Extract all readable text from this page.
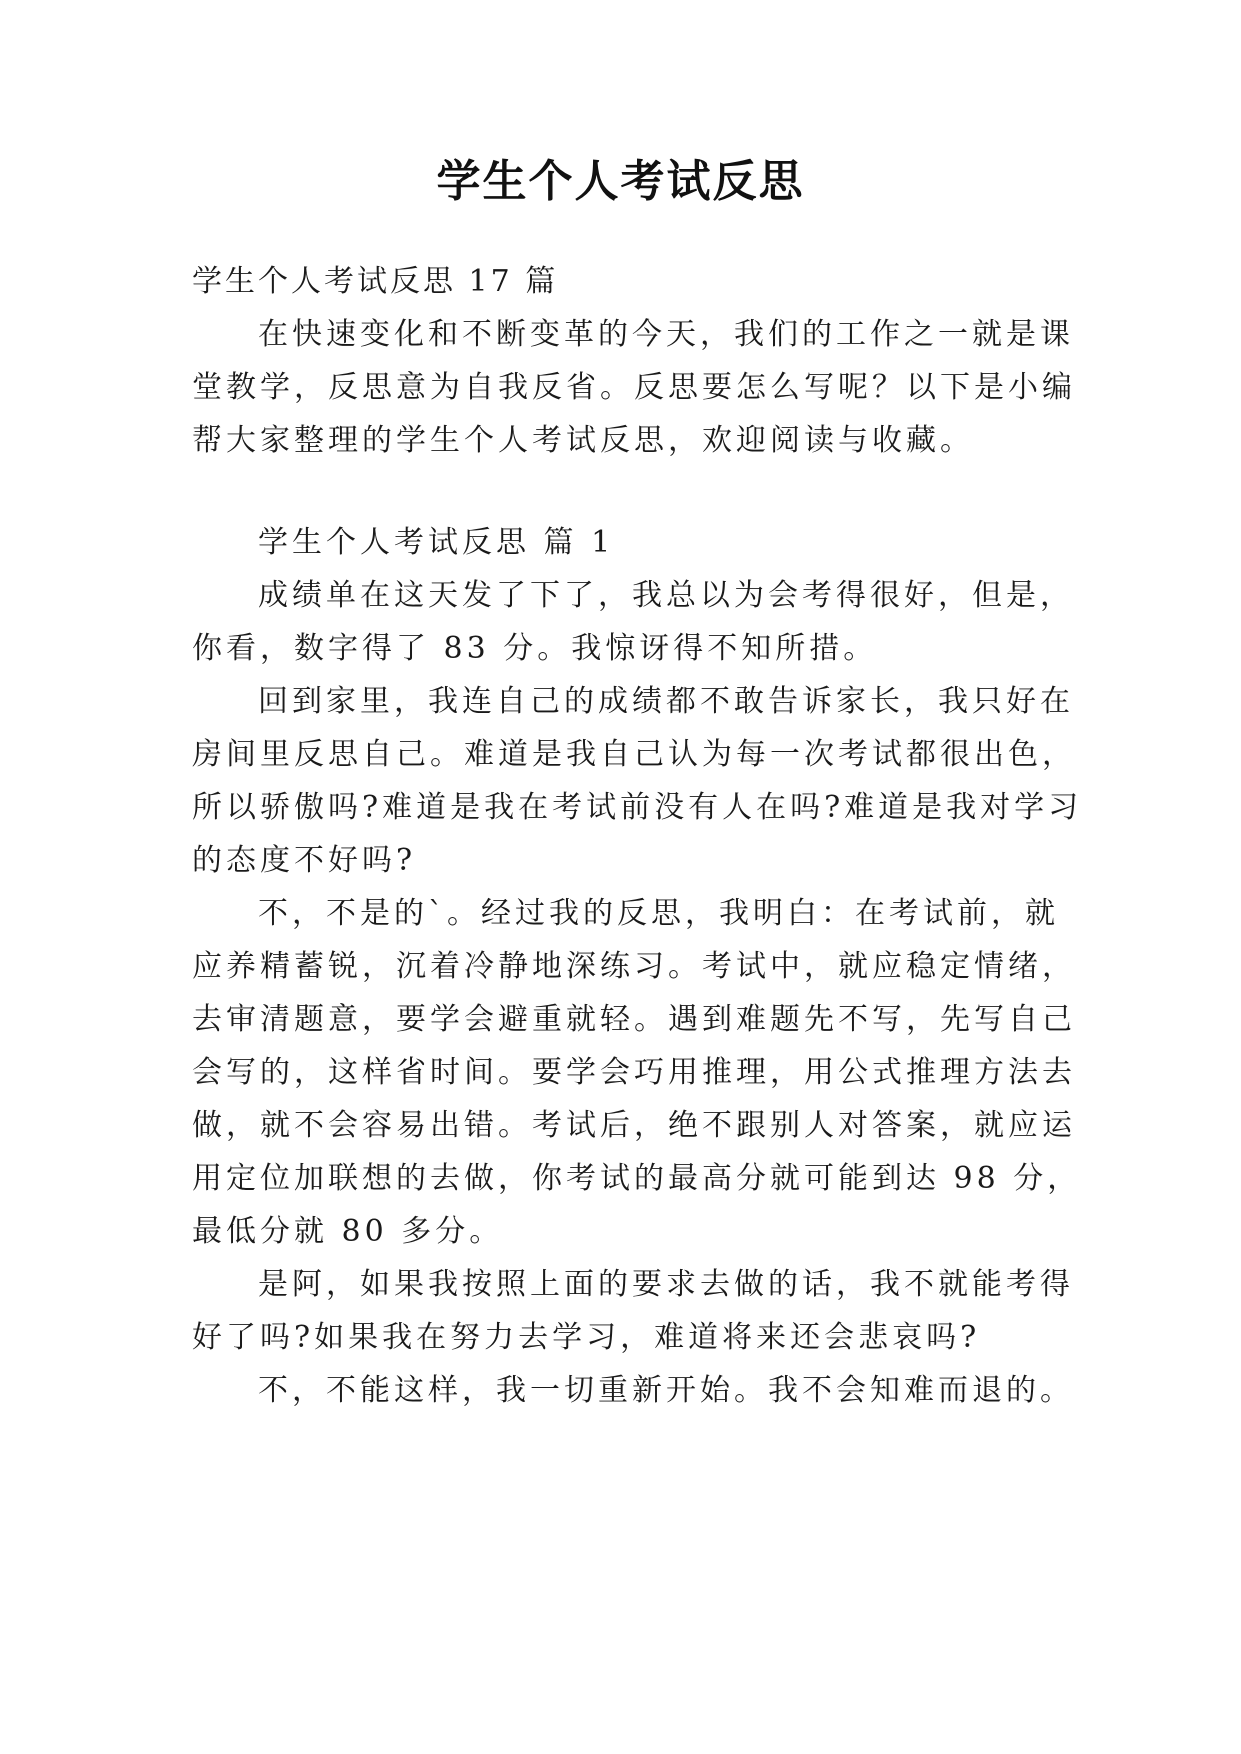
学生个人考试反思
学生个人考试反思 17 篇
在快速变化和不断变革的今天，我们的工作之一就是课
堂教学，反思意为自我反省。反思要怎么写呢？以下是小编
帮大家整理的学生个人考试反思，欢迎阅读与收藏。
学生个人考试反思 篇 1
成绩单在这天发了下了，我总以为会考得很好，但是，
你看，数字得了 83 分。我惊讶得不知所措。
回到家里，我连自己的成绩都不敢告诉家长，我只好在
房间里反思自己。难道是我自己认为每一次考试都很出色，
所以骄傲吗?难道是我在考试前没有人在吗?难道是我对学习
的态度不好吗?
不，不是的`。经过我的反思，我明白：在考试前，就
应养精蓄锐，沉着冷静地深练习。考试中，就应稳定情绪，
去审清题意，要学会避重就轻。遇到难题先不写，先写自己
会写的，这样省时间。要学会巧用推理，用公式推理方法去
做，就不会容易出错。考试后，绝不跟别人对答案，就应运
用定位加联想的去做，你考试的最高分就可能到达 98 分，
最低分就 80 多分。
是阿，如果我按照上面的要求去做的话，我不就能考得
好了吗?如果我在努力去学习，难道将来还会悲哀吗?
不，不能这样，我一切重新开始。我不会知难而退的。
